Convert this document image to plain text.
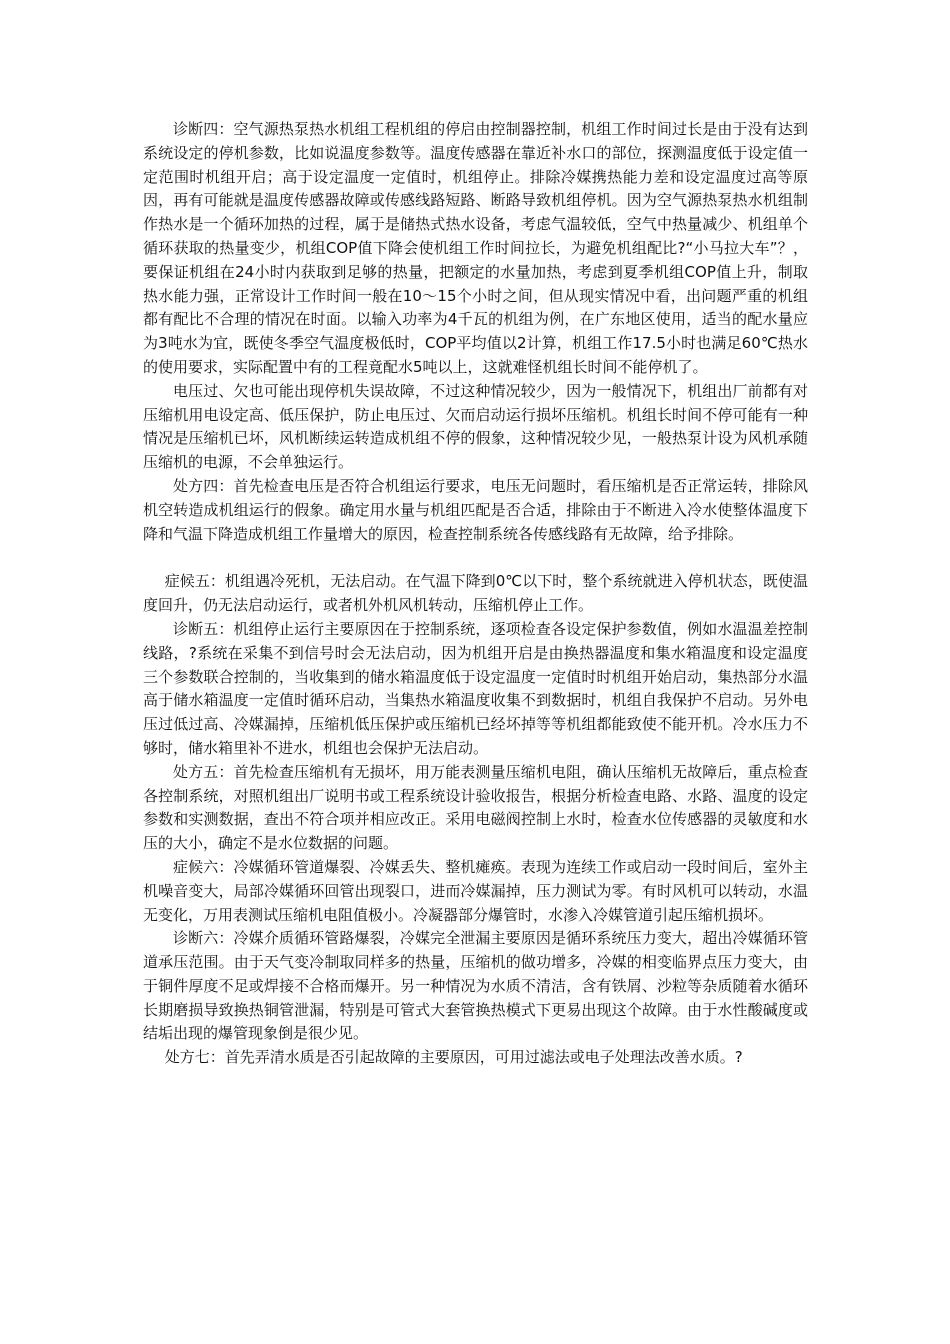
诊断四：空气源热泵热水机组工程机组的停启由控制器控制，机组工作时间过长是由于没有达到系统设定的停机参数，比如说温度参数等。温度传感器在靠近补水口的部位，探测温度低于设定值一定范围时机组开启；高于设定温度一定值时，机组停止。排除冷媒携热能力差和设定温度过高等原因，再有可能就是温度传感器故障或传感线路短路、断路导致机组停机。因为空气源热泵热水机组制作热水是一个循环加热的过程，属于是储热式热水设备，考虑气温较低，空气中热量减少、机组单个循环获取的热量变少，机组COP值下降会使机组工作时间拉长，为避免机组配比?“小马拉大车”？，要保证机组在24小时内获取到足够的热量，把额定的水量加热，考虑到夏季机组COP值上升，制取热水能力强，正常设计工作时间一般在10～15个小时之间，但从现实情况中看，出问题严重的机组都有配比不合理的情况在时面。以输入功率为4千瓦的机组为例，在广东地区使用，适当的配水量应为3吨水为宜，既使冬季空气温度极低时，COP平均值以2计算，机组工作17.5小时也满足60℃热水的使用要求，实际配置中有的工程竟配水5吨以上，这就难怪机组长时间不能停机了。

电压过、欠也可能出现停机失误故障，不过这种情况较少，因为一般情况下，机组出厂前都有对压缩机用电设定高、低压保护，防止电压过、欠而启动运行损坏压缩机。机组长时间不停可能有一种情况是压缩机已坏，风机断续运转造成机组不停的假象，这种情况较少见，一般热泵计设为风机承随压缩机的电源，不会单独运行。

处方四：首先检查电压是否符合机组运行要求，电压无问题时，看压缩机是否正常运转，排除风机空转造成机组运行的假象。确定用水量与机组匹配是否合适，排除由于不断进入冷水使整体温度下降和气温下降造成机组工作量增大的原因，检查控制系统各传感线路有无故障，给予排除。

症候五：机组遇冷死机，无法启动。在气温下降到0℃以下时，整个系统就进入停机状态，既使温度回升，仍无法启动运行，或者机外机风机转动，压缩机停止工作。

诊断五：机组停止运行主要原因在于控制系统，逐项检查各设定保护参数值，例如水温温差控制线路，?系统在采集不到信号时会无法启动，因为机组开启是由换热器温度和集水箱温度和设定温度三个参数联合控制的，当收集到的储水箱温度低于设定温度一定值时时机组开始启动，集热部分水温高于储水箱温度一定值时循环启动，当集热水箱温度收集不到数据时，机组自我保护不启动。另外电压过低过高、冷媒漏掉，压缩机低压保护或压缩机已经坏掉等等机组都能致使不能开机。冷水压力不够时，储水箱里补不进水，机组也会保护无法启动。

处方五：首先检查压缩机有无损坏，用万能表测量压缩机电阻，确认压缩机无故障后，重点检查各控制系统，对照机组出厂说明书或工程系统设计验收报告，根据分析检查电路、水路、温度的设定参数和实测数据，查出不符合项并相应改正。采用电磁阀控制上水时，检查水位传感器的灵敏度和水压的大小，确定不是水位数据的问题。

症候六：冷媒循环管道爆裂、冷媒丢失、整机瘫痪。表现为连续工作或启动一段时间后，室外主机噪音变大，局部冷媒循环回管出现裂口，进而冷媒漏掉，压力测试为零。有时风机可以转动，水温无变化，万用表测试压缩机电阻值极小。冷凝器部分爆管时，水渗入冷媒管道引起压缩机损坏。

诊断六：冷媒介质循环管路爆裂，冷媒完全泄漏主要原因是循环系统压力变大，超出冷媒循环管道承压范围。由于天气变冷制取同样多的热量，压缩机的做功增多，冷媒的相变临界点压力变大，由于铜件厚度不足或焊接不合格而爆开。另一种情况为水质不清洁，含有铁屑、沙粒等杂质随着水循环长期磨损导致换热铜管泄漏，特别是可管式大套管换热模式下更易出现这个故障。由于水性酸碱度或结垢出现的爆管现象倒是很少见。

处方七：首先弄清水质是否引起故障的主要原因，可用过滤法或电子处理法改善水质。?
